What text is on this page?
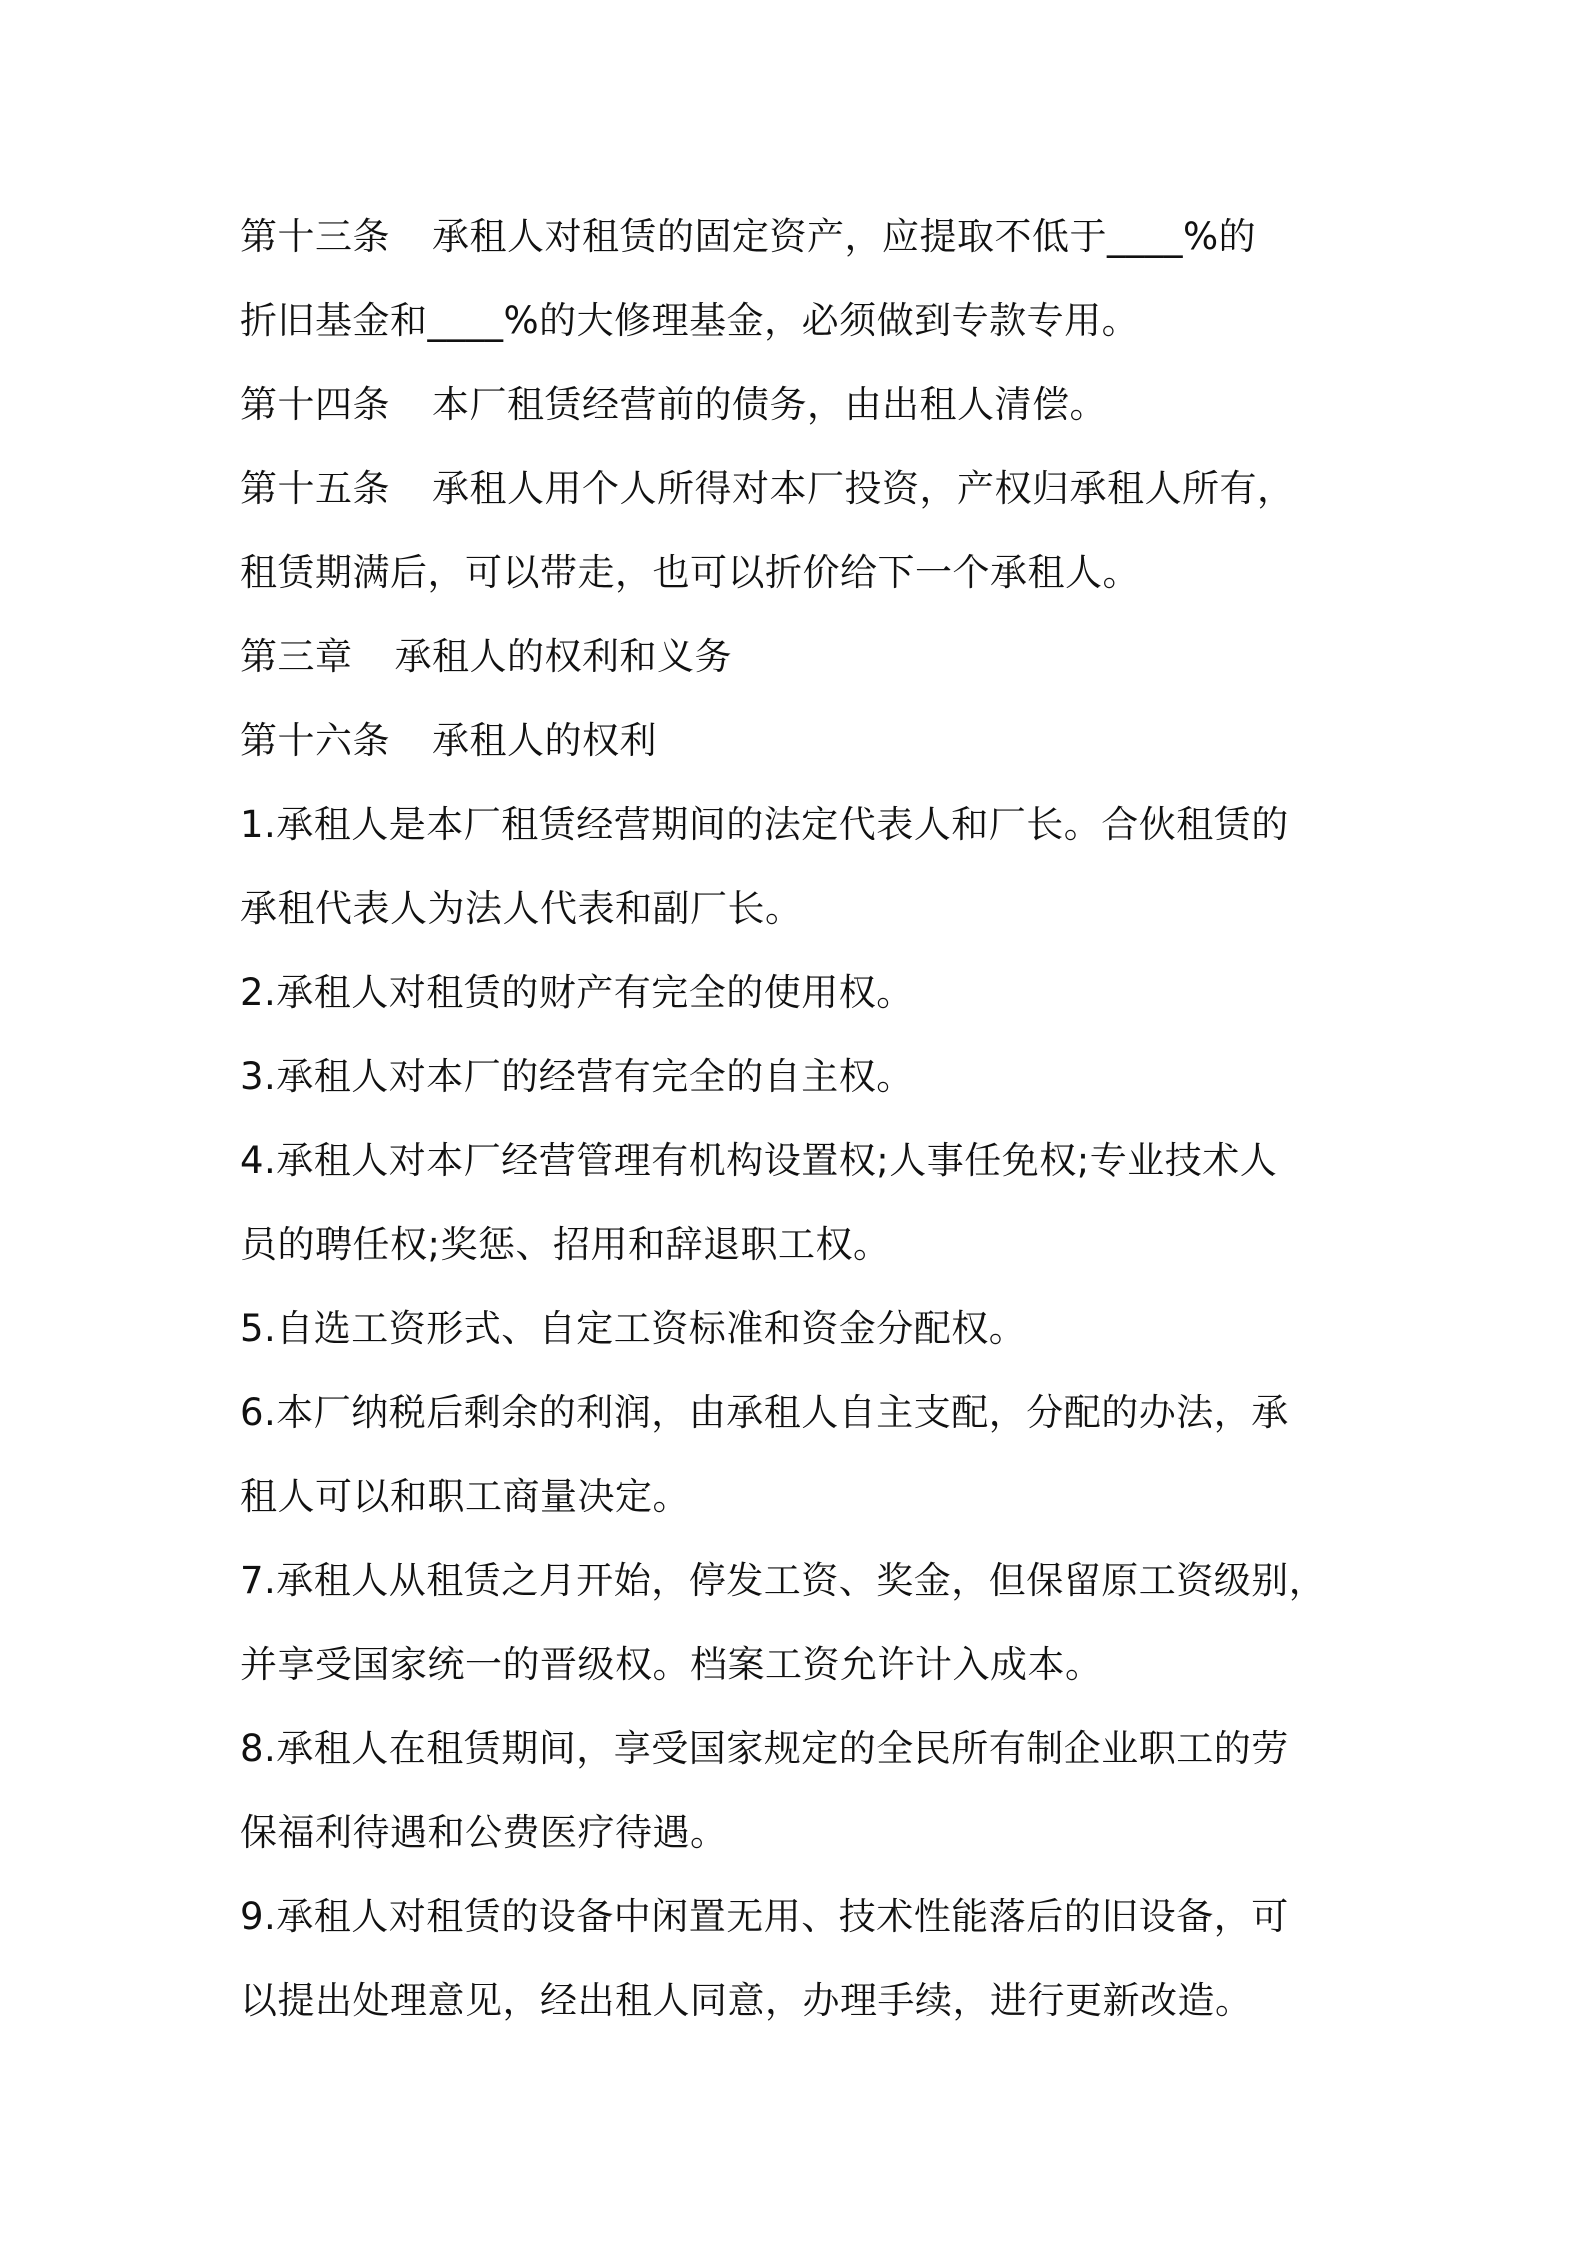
第十三条 承租人对租赁的固定资产，应提取不低于____%的
折旧基金和____%的大修理基金，必须做到专款专用。
第十四条 本厂租赁经营前的债务，由出租人清偿。
第十五条 承租人用个人所得对本厂投资，产权归承租人所有，
租赁期满后，可以带走，也可以折价给下一个承租人。
第三章 承租人的权利和义务
第十六条 承租人的权利
1.承租人是本厂租赁经营期间的法定代表人和厂长。合伙租赁的
承租代表人为法人代表和副厂长。
2.承租人对租赁的财产有完全的使用权。
3.承租人对本厂的经营有完全的自主权。
4.承租人对本厂经营管理有机构设置权;人事任免权;专业技术人
员的聘任权;奖惩、招用和辞退职工权。
5.自选工资形式、自定工资标准和资金分配权。
6.本厂纳税后剩余的利润，由承租人自主支配，分配的办法，承
租人可以和职工商量决定。
7.承租人从租赁之月开始，停发工资、奖金，但保留原工资级别，
并享受国家统一的晋级权。档案工资允许计入成本。
8.承租人在租赁期间，享受国家规定的全民所有制企业职工的劳
保福利待遇和公费医疗待遇。
9.承租人对租赁的设备中闲置无用、技术性能落后的旧设备，可
以提出处理意见，经出租人同意，办理手续，进行更新改造。
